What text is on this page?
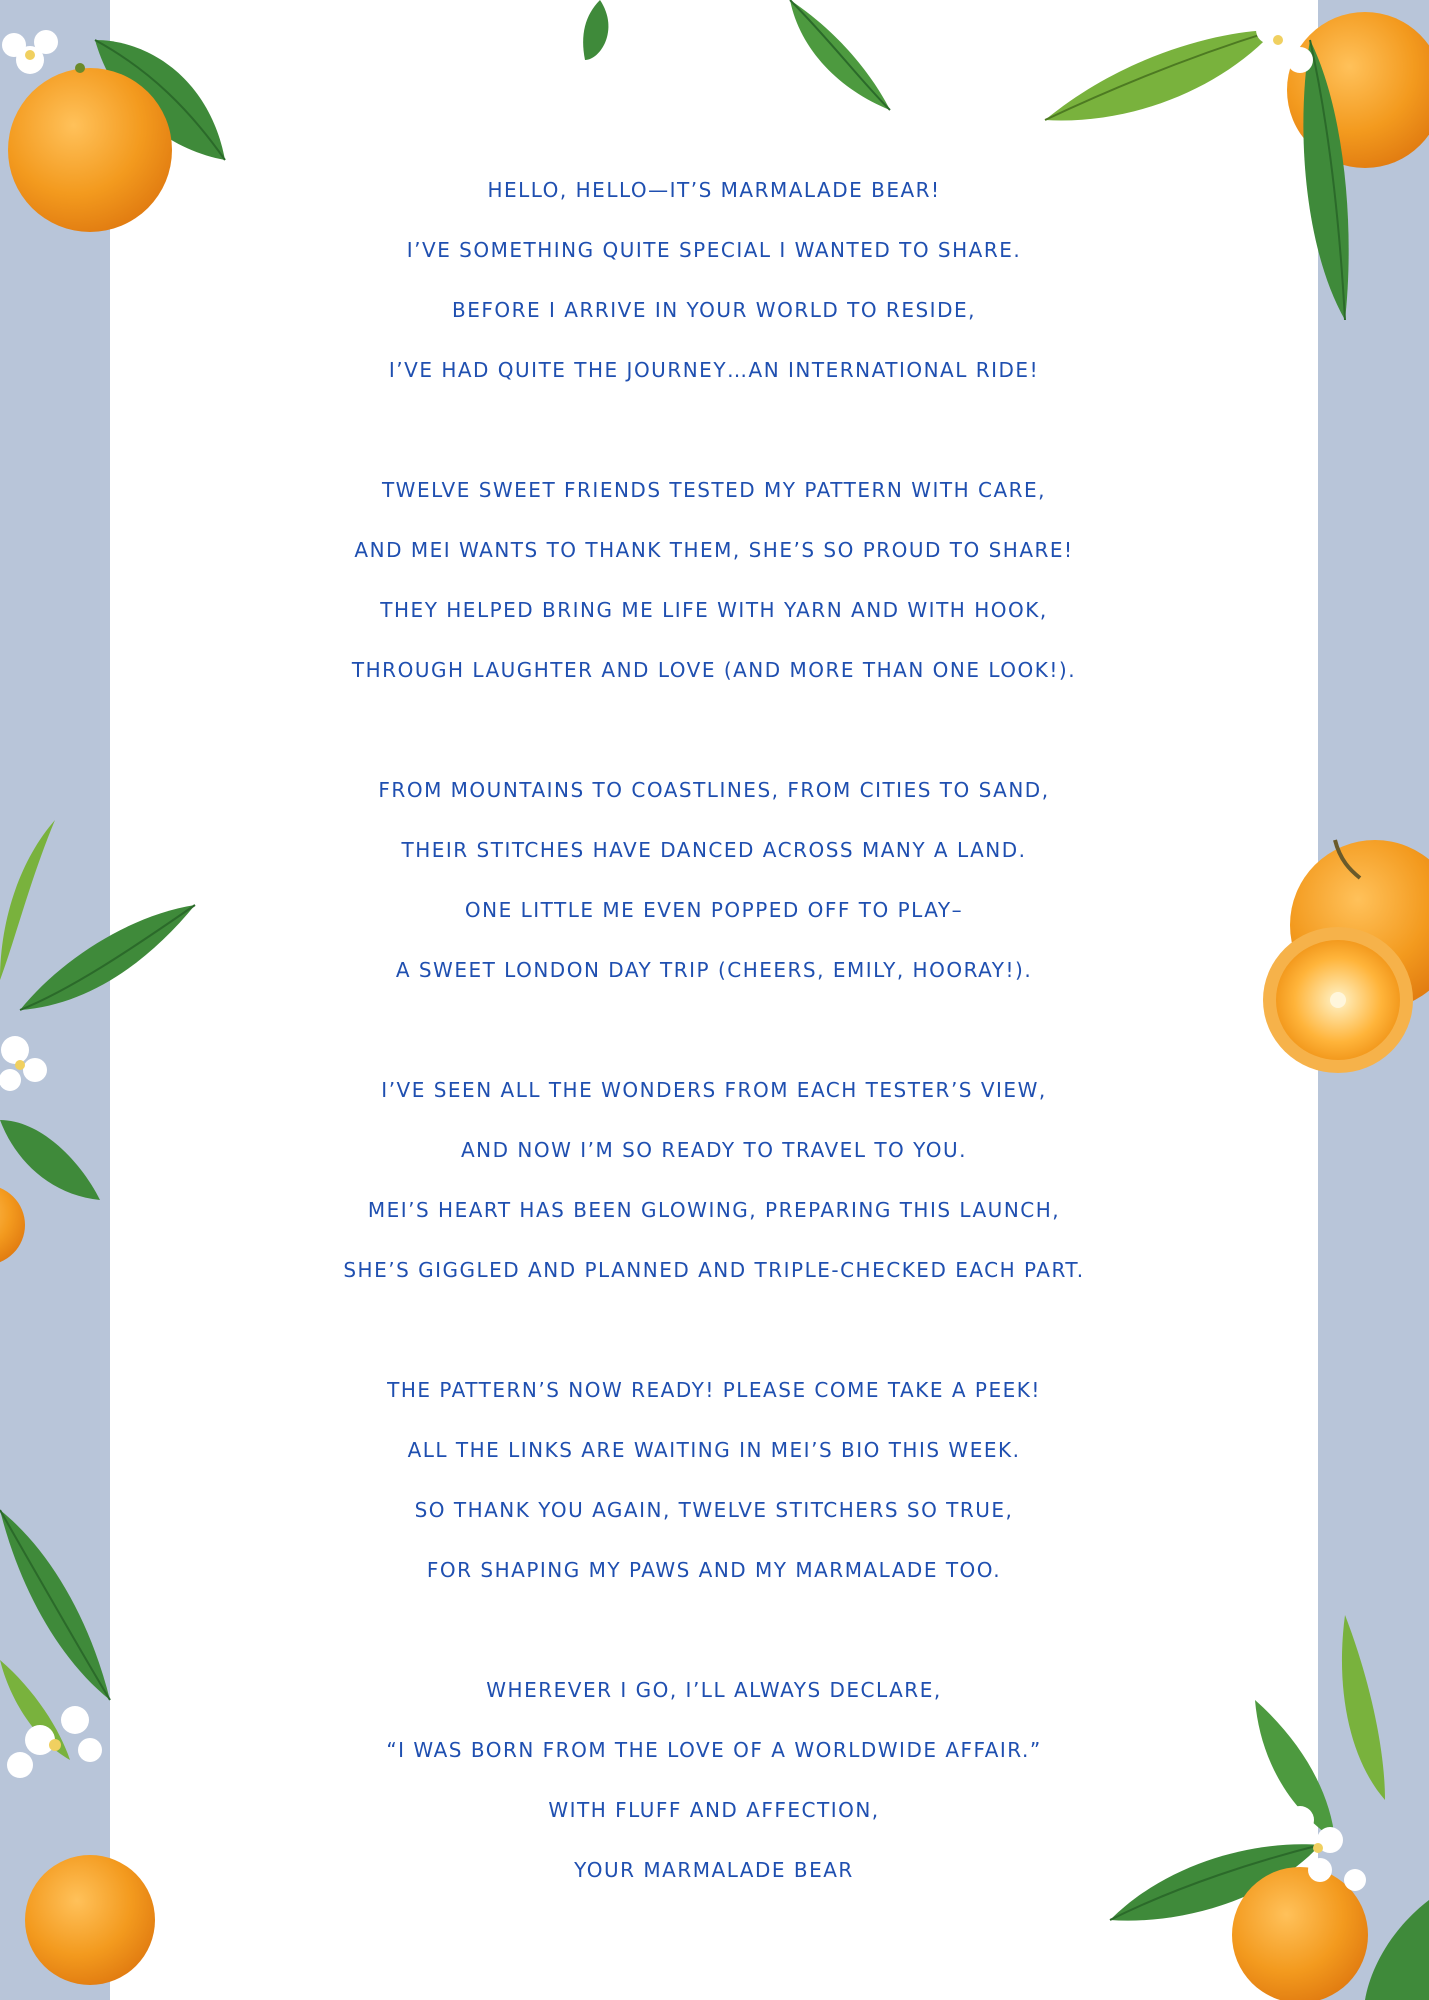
HELLO, HELLO—IT’S MARMALADE BEAR!
I’VE SOMETHING QUITE SPECIAL I WANTED TO SHARE.
BEFORE I ARRIVE IN YOUR WORLD TO RESIDE,
I’VE HAD QUITE THE JOURNEY…AN INTERNATIONAL RIDE!

TWELVE SWEET FRIENDS TESTED MY PATTERN WITH CARE,
AND MEI WANTS TO THANK THEM, SHE’S SO PROUD TO SHARE!
THEY HELPED BRING ME LIFE WITH YARN AND WITH HOOK,
THROUGH LAUGHTER AND LOVE (AND MORE THAN ONE LOOK!).

FROM MOUNTAINS TO COASTLINES, FROM CITIES TO SAND,
THEIR STITCHES HAVE DANCED ACROSS MANY A LAND.
ONE LITTLE ME EVEN POPPED OFF TO PLAY–
A SWEET LONDON DAY TRIP (CHEERS, EMILY, HOORAY!).

I’VE SEEN ALL THE WONDERS FROM EACH TESTER’S VIEW,
AND NOW I’M SO READY TO TRAVEL TO YOU.
MEI’S HEART HAS BEEN GLOWING, PREPARING THIS LAUNCH,
SHE’S GIGGLED AND PLANNED AND TRIPLE-CHECKED EACH PART.

THE PATTERN’S NOW READY! PLEASE COME TAKE A PEEK!
ALL THE LINKS ARE WAITING IN MEI’S BIO THIS WEEK.
SO THANK YOU AGAIN, TWELVE STITCHERS SO TRUE,
FOR SHAPING MY PAWS AND MY MARMALADE TOO.

WHEREVER I GO, I’LL ALWAYS DECLARE,
“I WAS BORN FROM THE LOVE OF A WORLDWIDE AFFAIR.”
WITH FLUFF AND AFFECTION,
YOUR MARMALADE BEAR
